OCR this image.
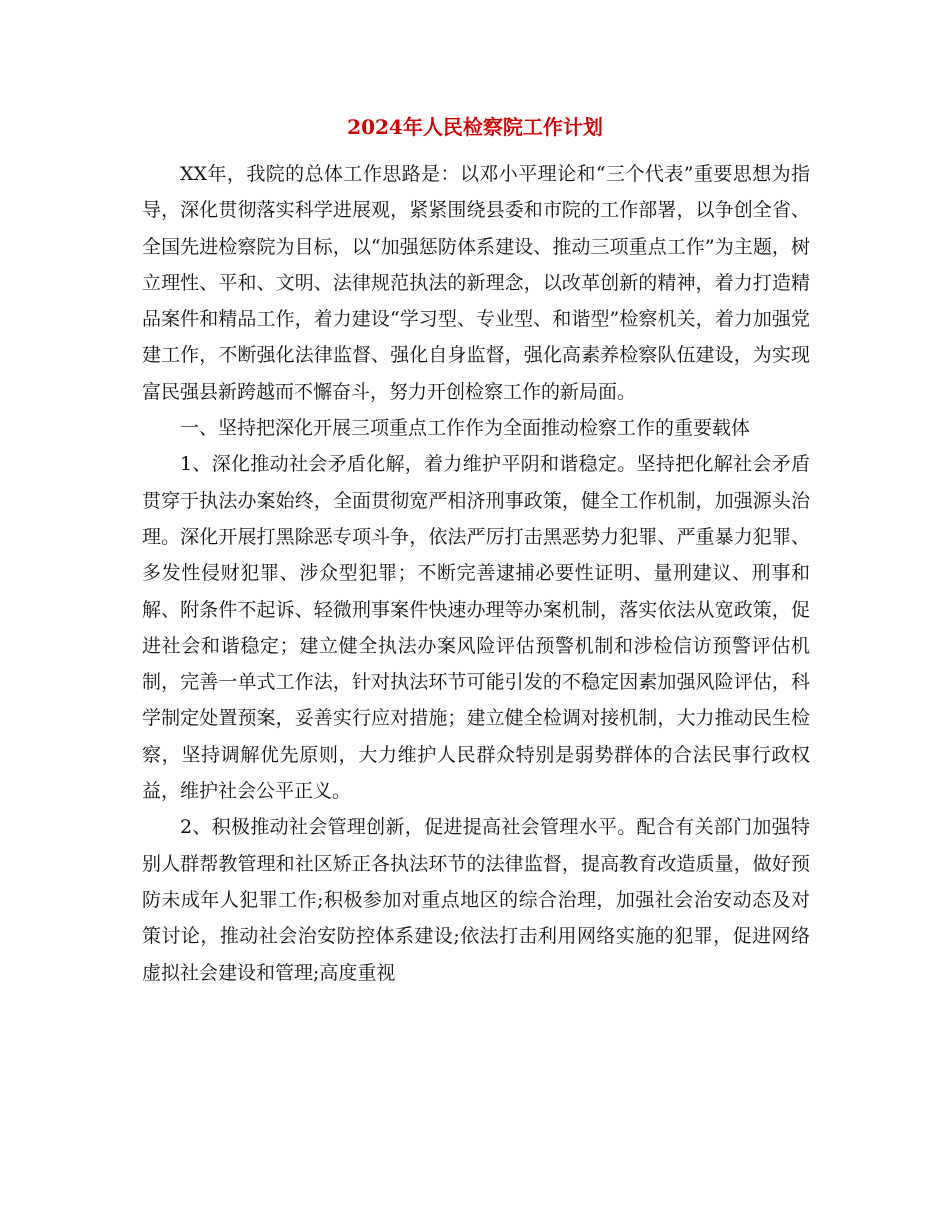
2024年人民检察院工作计划

XX年，我院的总体工作思路是：以邓小平理论和“三个代表”重要思想为指导，深化贯彻落实科学进展观，紧紧围绕县委和市院的工作部署，以争创全省、全国先进检察院为目标，以“加强惩防体系建设、推动三项重点工作”为主题，树立理性、平和、文明、法律规范执法的新理念，以改革创新的精神，着力打造精品案件和精品工作，着力建设“学习型、专业型、和谐型”检察机关，着力加强党建工作，不断强化法律监督、强化自身监督，强化高素养检察队伍建设，为实现富民强县新跨越而不懈奋斗，努力开创检察工作的新局面。

一、坚持把深化开展三项重点工作作为全面推动检察工作的重要载体

1、深化推动社会矛盾化解，着力维护平阴和谐稳定。坚持把化解社会矛盾贯穿于执法办案始终，全面贯彻宽严相济刑事政策，健全工作机制，加强源头治理。深化开展打黑除恶专项斗争，依法严厉打击黑恶势力犯罪、严重暴力犯罪、多发性侵财犯罪、涉众型犯罪；不断完善逮捕必要性证明、量刑建议、刑事和解、附条件不起诉、轻微刑事案件快速办理等办案机制，落实依法从宽政策，促进社会和谐稳定；建立健全执法办案风险评估预警机制和涉检信访预警评估机制，完善一单式工作法，针对执法环节可能引发的不稳定因素加强风险评估，科学制定处置预案，妥善实行应对措施；建立健全检调对接机制，大力推动民生检察，坚持调解优先原则，大力维护人民群众特别是弱势群体的合法民事行政权益，维护社会公平正义。

2、积极推动社会管理创新，促进提高社会管理水平。配合有关部门加强特别人群帮教管理和社区矫正各执法环节的法律监督，提高教育改造质量，做好预防未成年人犯罪工作;积极参加对重点地区的综合治理，加强社会治安动态及对策讨论，推动社会治安防控体系建设;依法打击利用网络实施的犯罪，促进网络虚拟社会建设和管理;高度重视
